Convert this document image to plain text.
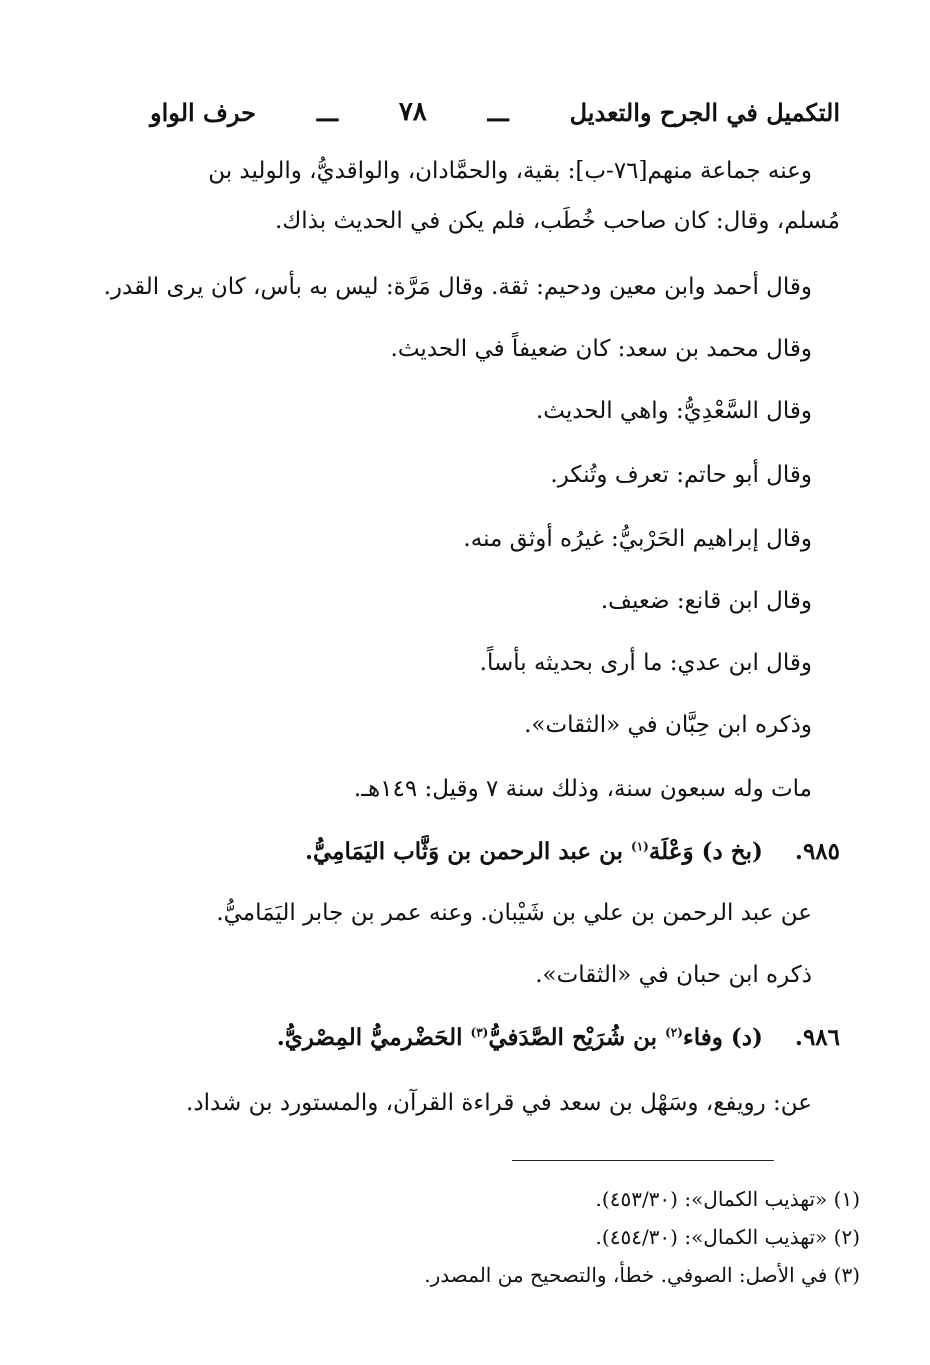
التكميل في الجرح والتعديل
ـــ
٧٨
ـــ
حرف الواو
وعنه جماعة منهم[٧٦-ب]: بقية، والحمَّادان، والواقديُّ، والوليد بن
مُسلم، وقال: كان صاحب خُطَب، فلم يكن في الحديث بذاك.
وقال أحمد وابن معين ودحيم: ثقة. وقال مَرَّة: ليس به بأس، كان يرى القدر.
وقال محمد بن سعد: كان ضعيفاً في الحديث.
وقال السَّعْدِيُّ: واهي الحديث.
وقال أبو حاتم: تعرف وتُنكر.
وقال إبراهيم الحَرْبيُّ: غيرُه أوثق منه.
وقال ابن قانع: ضعيف.
وقال ابن عدي: ما أرى بحديثه بأساً.
وذكره ابن حِبَّان في «الثقات».
مات وله سبعون سنة، وذلك سنة ٧ وقيل: ١٤٩هـ.
٩٨٥.    (بخ د) وَعْلَة$^{(١)}$ بن عبد الرحمن بن وَثَّاب اليَمَامِيُّ.
عن عبد الرحمن بن علي بن شَيْبان. وعنه عمر بن جابر اليَمَاميُّ.
ذكره ابن حبان في «الثقات».
٩٨٦.    (د) وفاء$^{(٢)}$ بن شُرَيْح الصَّدَفيُّ$^{(٣)}$ الحَضْرميُّ المِصْريُّ.
عن: رويفع، وسَهْل بن سعد في قراءة القرآن، والمستورد بن شداد.
(١) «تهذيب الكمال»: (٤٥٣/٣٠).
(٢) «تهذيب الكمال»: (٤٥٤/٣٠).
(٣) في الأصل: الصوفي. خطأ، والتصحيح من المصدر.
